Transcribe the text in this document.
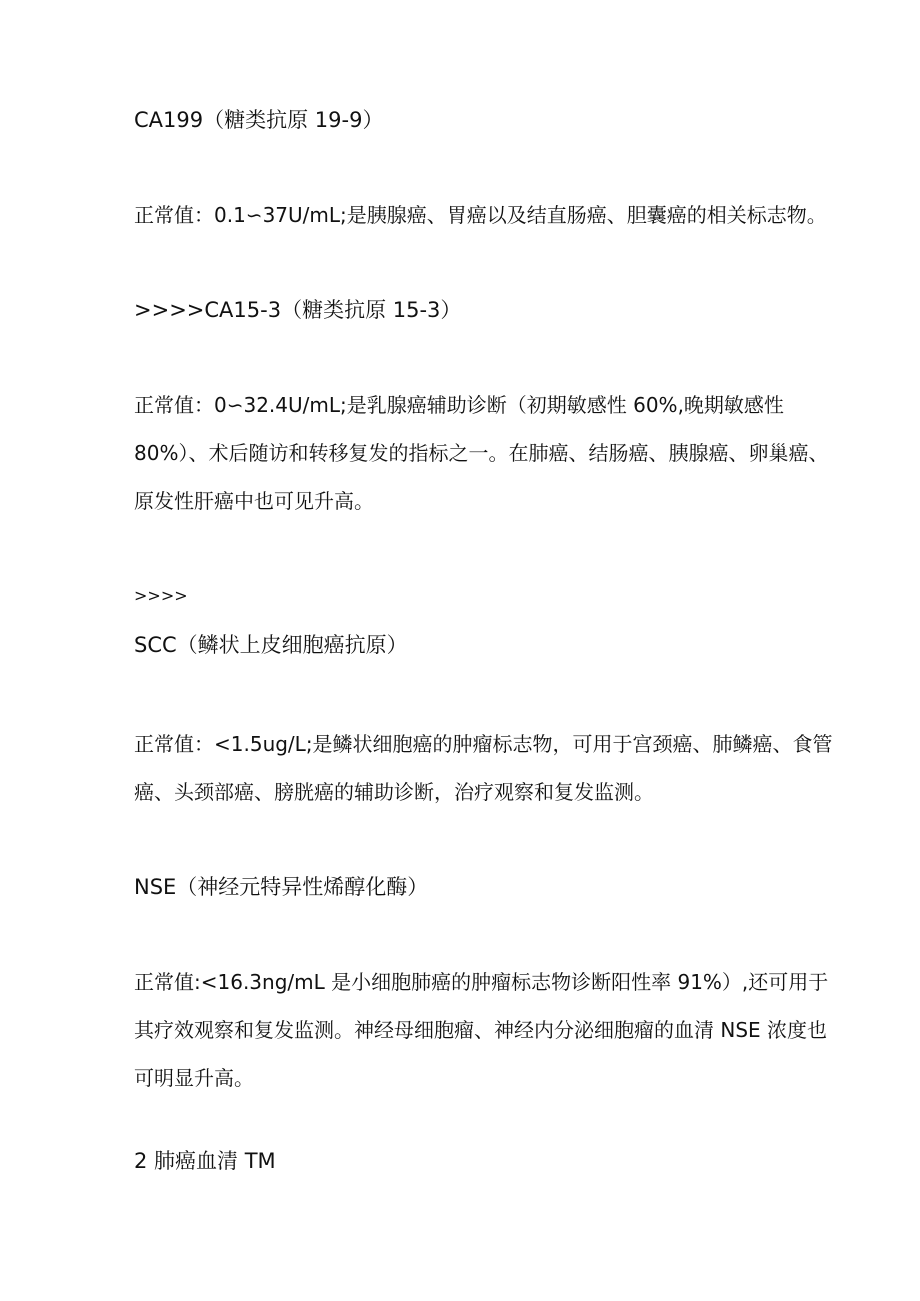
CA199（糖类抗原 19-9）

正常值：0.1∽37U/mL;是胰腺癌、胃癌以及结直肠癌、胆囊癌的相关标志物。

>>>>CA15-3（糖类抗原 15-3）

正常值：0∽32.4U/mL;是乳腺癌辅助诊断（初期敏感性 60%,晚期敏感性

80%）、术后随访和转移复发的指标之一。在肺癌、结肠癌、胰腺癌、卵巢癌、

原发性肝癌中也可见升高。

>>>>

SCC（鳞状上皮细胞癌抗原）

正常值：<1.5ug/L;是鳞状细胞癌的肿瘤标志物，可用于宫颈癌、肺鳞癌、食管

癌、头颈部癌、膀胱癌的辅助诊断，治疗观察和复发监测。

NSE（神经元特异性烯醇化酶）

正常值:<16.3ng/mL 是小细胞肺癌的肿瘤标志物诊断阳性率 91%）,还可用于

其疗效观察和复发监测。神经母细胞瘤、神经内分泌细胞瘤的血清 NSE 浓度也

可明显升高。

2 肺癌血清 TM
